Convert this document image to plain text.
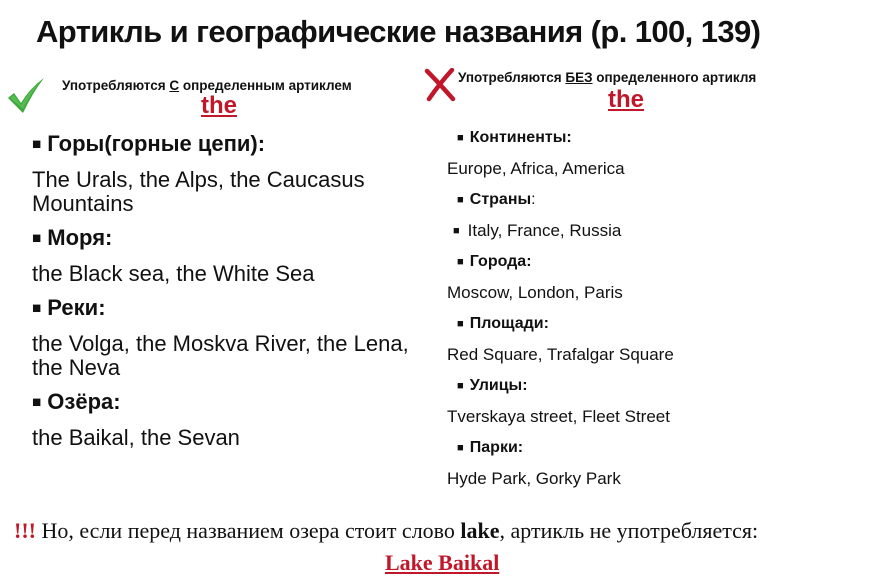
Артикль и географические названия (р. 100, 139)
Употребляются С определенным артиклем
the
Употребляются БЕЗ определенного артикля
the
■ Горы(горные цепи):
The Urals, the Alps, the Caucasus Mountains
■ Моря:
the Black sea, the White Sea
■ Реки:
the Volga, the Moskva River, the Lena, the Neva
■ Озёра:
the Baikal, the Sevan
■ Континенты:
Europe, Africa, America
■ Страны :
■ Italy, France, Russia
■ Города:
Moscow, London, Paris
■ Площади:
Red Square, Trafalgar Square
■ Улицы:
Tverskaya street, Fleet Street
■ Парки:
Hyde Park, Gorky Park
!!! Но, если перед названием озера стоит слово lake, артикль не употребляется:
Lake Baikal
